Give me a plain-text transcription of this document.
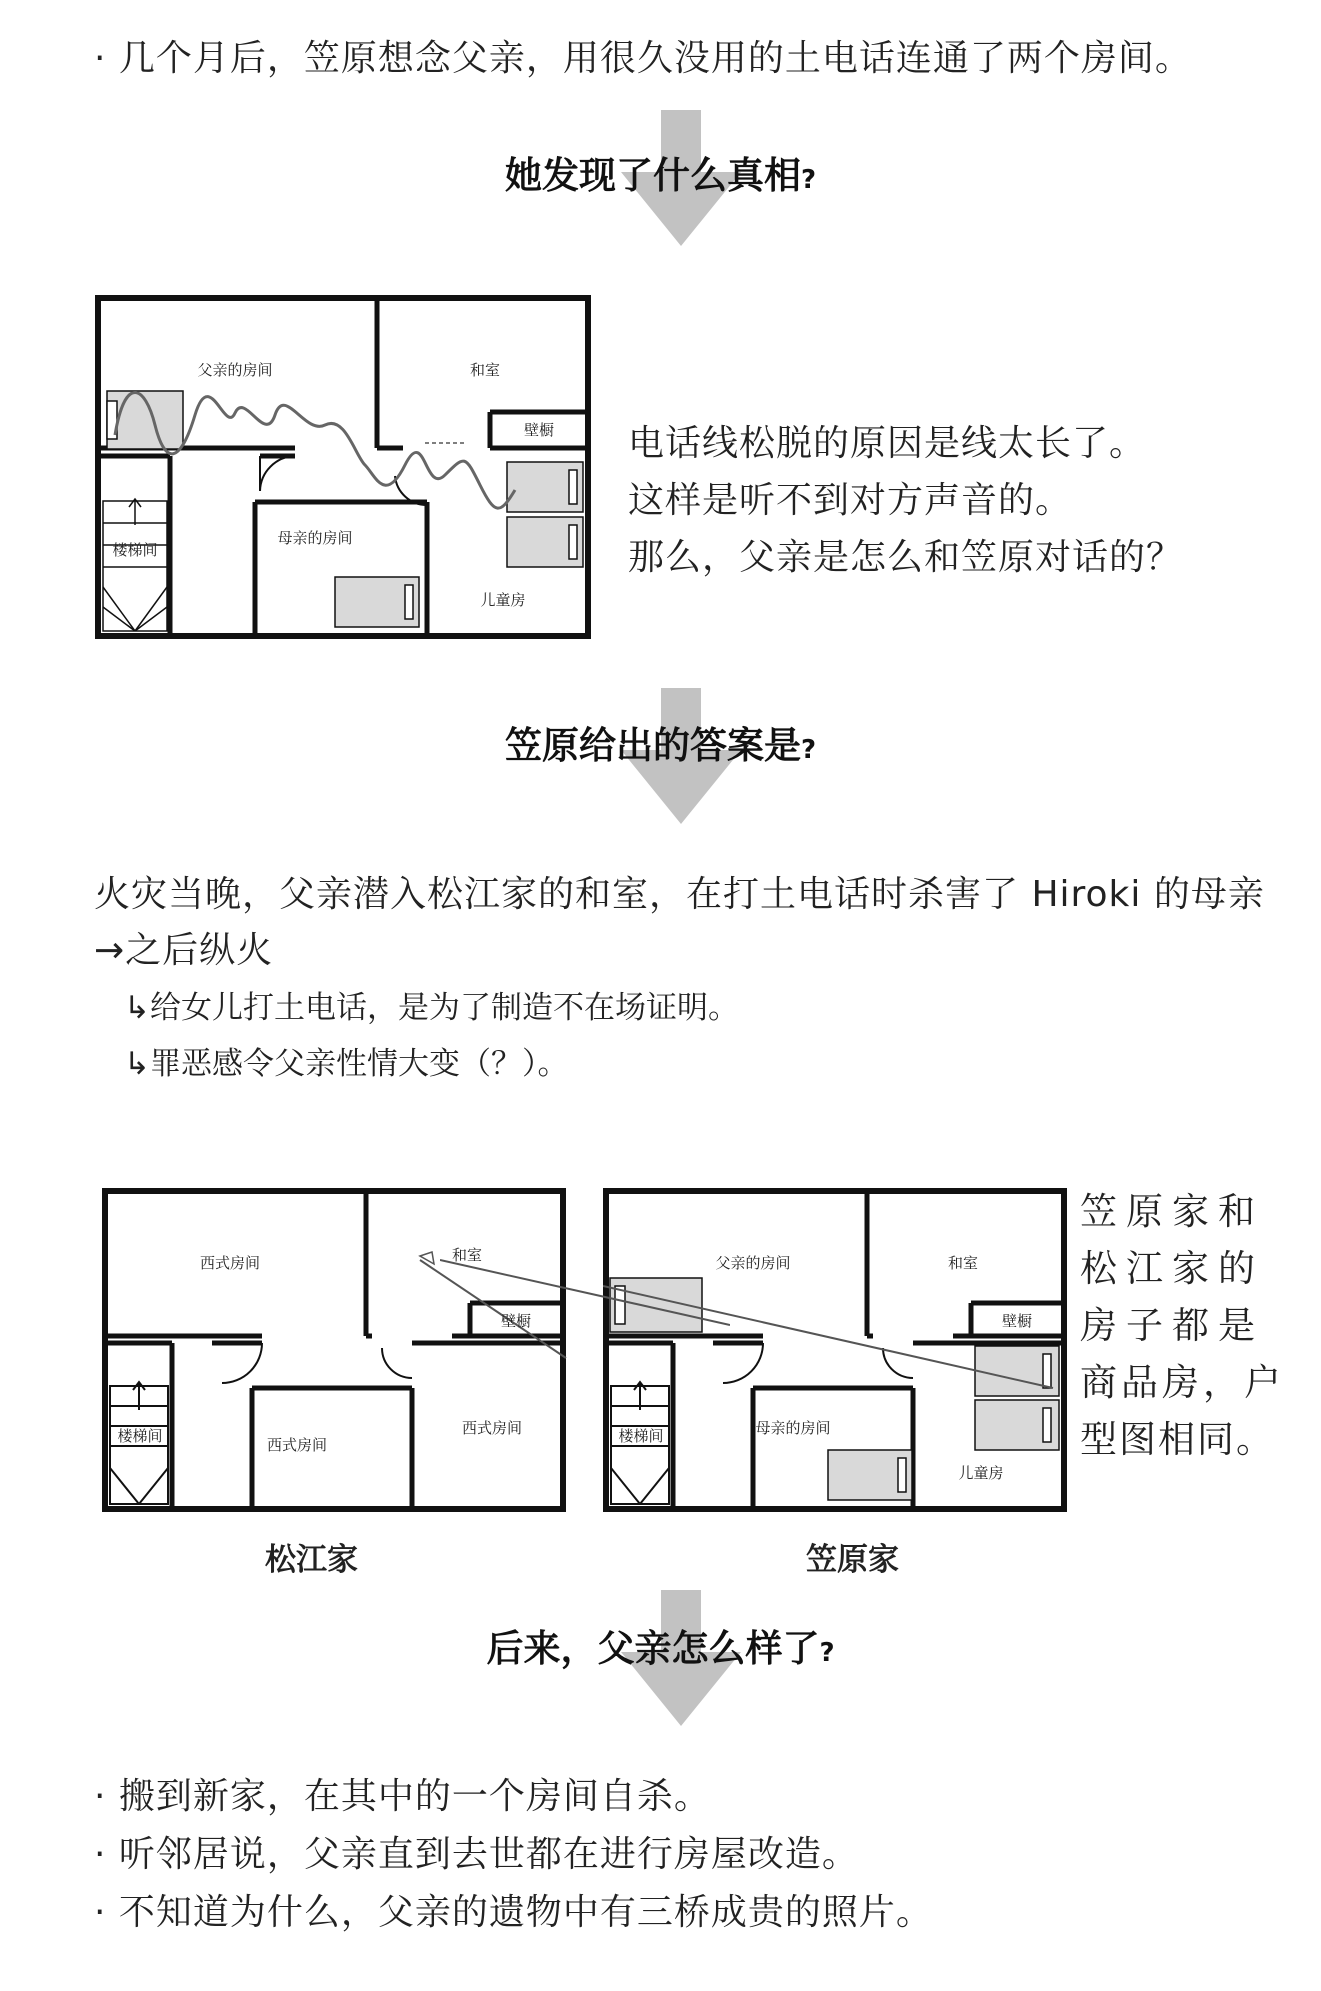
· 几个月后，笠原想念父亲，用很久没用的土电话连通了两个房间。
她发现了什么真相?
父亲的房间	和室
壁橱
楼梯间
母亲的房间
儿童房
电话线松脱的原因是线太长了。
这样是听不到对方声音的。
那么，父亲是怎么和笠原对话的？
笠原给出的答案是?
火灾当晚，父亲潜入松江家的和室，在打土电话时杀害了 Hiroki 的母亲
→之后纵火
↳给女儿打土电话，是为了制造不在场证明。
↳罪恶感令父亲性情大变（？）。
西式房间	和室
壁橱
楼梯间	西式房间
西式房间
松江家
父亲的房间	和室
壁橱
楼梯间	母亲的房间
儿童房
笠原家
笠原家和
松江家的
房子都是
商品房，户
型图相同。
后来，父亲怎么样了?
· 搬到新家，在其中的一个房间自杀。
· 听邻居说，父亲直到去世都在进行房屋改造。
· 不知道为什么，父亲的遗物中有三桥成贵的照片。
